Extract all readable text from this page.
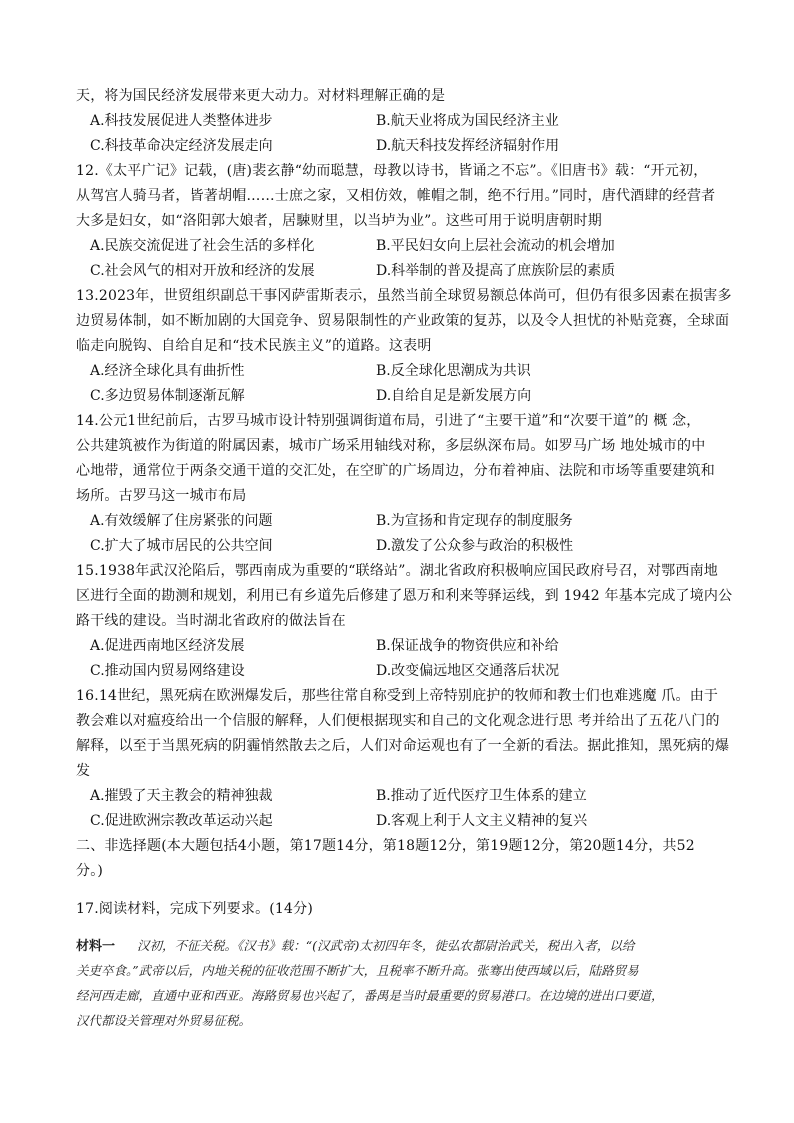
天，将为国民经济发展带来更大动力。对材料理解正确的是
A.科技发展促进人类整体进步	B.航天业将成为国民经济主业
C.科技革命决定经济发展走向	D.航天科技发挥经济辐射作用
12.《太平广记》记载，(唐)裴玄静“幼而聪慧，母教以诗书，皆诵之不忘”。《旧唐书》载：“开元初，
从驾宫人骑马者，皆著胡帽……士庶之家，又相仿效，帷帽之制，绝不行用。”同时，唐代酒肆的经营者
大多是妇女，如“洛阳郭大娘者，居駷财里，以当垆为业”。这些可用于说明唐朝时期
A.民族交流促进了社会生活的多样化	B.平民妇女向上层社会流动的机会增加
C.社会风气的相对开放和经济的发展	D.科举制的普及提高了庶族阶层的素质
13.2023年，世贸组织副总干事冈萨雷斯表示，虽然当前全球贸易额总体尚可，但仍有很多因素在损害多
边贸易体制，如不断加剧的大国竞争、贸易限制性的产业政策的复苏，以及令人担忧的补贴竞赛，全球面
临走向脱钩、自给自足和“技术民族主义”的道路。这表明
A.经济全球化具有曲折性	B.反全球化思潮成为共识
C.多边贸易体制逐渐瓦解	D.自给自足是新发展方向
14.公元1世纪前后，古罗马城市设计特别强调街道布局，引进了“主要干道”和“次要干道”的 概 念，
公共建筑被作为街道的附属因素，城市广场采用轴线对称，多层纵深布局。如罗马广场 地处城市的中
心地带，通常位于两条交通干道的交汇处，在空旷的广场周边，分布着神庙、法院和市场等重要建筑和
场所。古罗马这一城市布局
A.有效缓解了住房紧张的问题	B.为宣扬和肯定现存的制度服务
C.扩大了城市居民的公共空间	D.激发了公众参与政治的积极性
15.1938年武汉沦陷后，鄂西南成为重要的“联络站”。湖北省政府积极响应国民政府号召，对鄂西南地
区进行全面的勘测和规划，利用已有乡道先后修建了恩万和利来等驿运线，到 1942 年基本完成了境内公
路干线的建设。当时湖北省政府的做法旨在
A.促进西南地区经济发展	B.保证战争的物资供应和补给
C.推动国内贸易网络建设	D.改变偏远地区交通落后状况
16.14世纪，黑死病在欧洲爆发后，那些往常自称受到上帝特别庇护的牧师和教士们也难逃魔 爪。由于
教会难以对瘟疫给出一个信服的解释，人们便根据现实和自己的文化观念进行思 考并给出了五花八门的
解释，以至于当黑死病的阴霾悄然散去之后，人们对命运观也有了一全新的看法。据此推知，黑死病的爆
发
A.摧毁了天主教会的精神独裁	B.推动了近代医疗卫生体系的建立
C.促进欧洲宗教改革运动兴起	D.客观上利于人文主义精神的复兴
二、非选择题(本大题包括4小题，第17题14分，第18题12分，第19题12分，第20题14分，共52
分。)
17.阅读材料，完成下列要求。(14分)
材料一 汉初，不征关税。《汉书》载：“(汉武帝)太初四年冬，徙弘农都尉治武关，税出入者，以给
关吏卒食。”武帝以后，内地关税的征收范围不断扩大，且税率不断升高。张骞出使西域以后，陆路贸易
经河西走廊，直通中亚和西亚。海路贸易也兴起了，番禺是当时最重要的贸易港口。在边境的进出口要道，
汉代都设关管理对外贸易征税。
